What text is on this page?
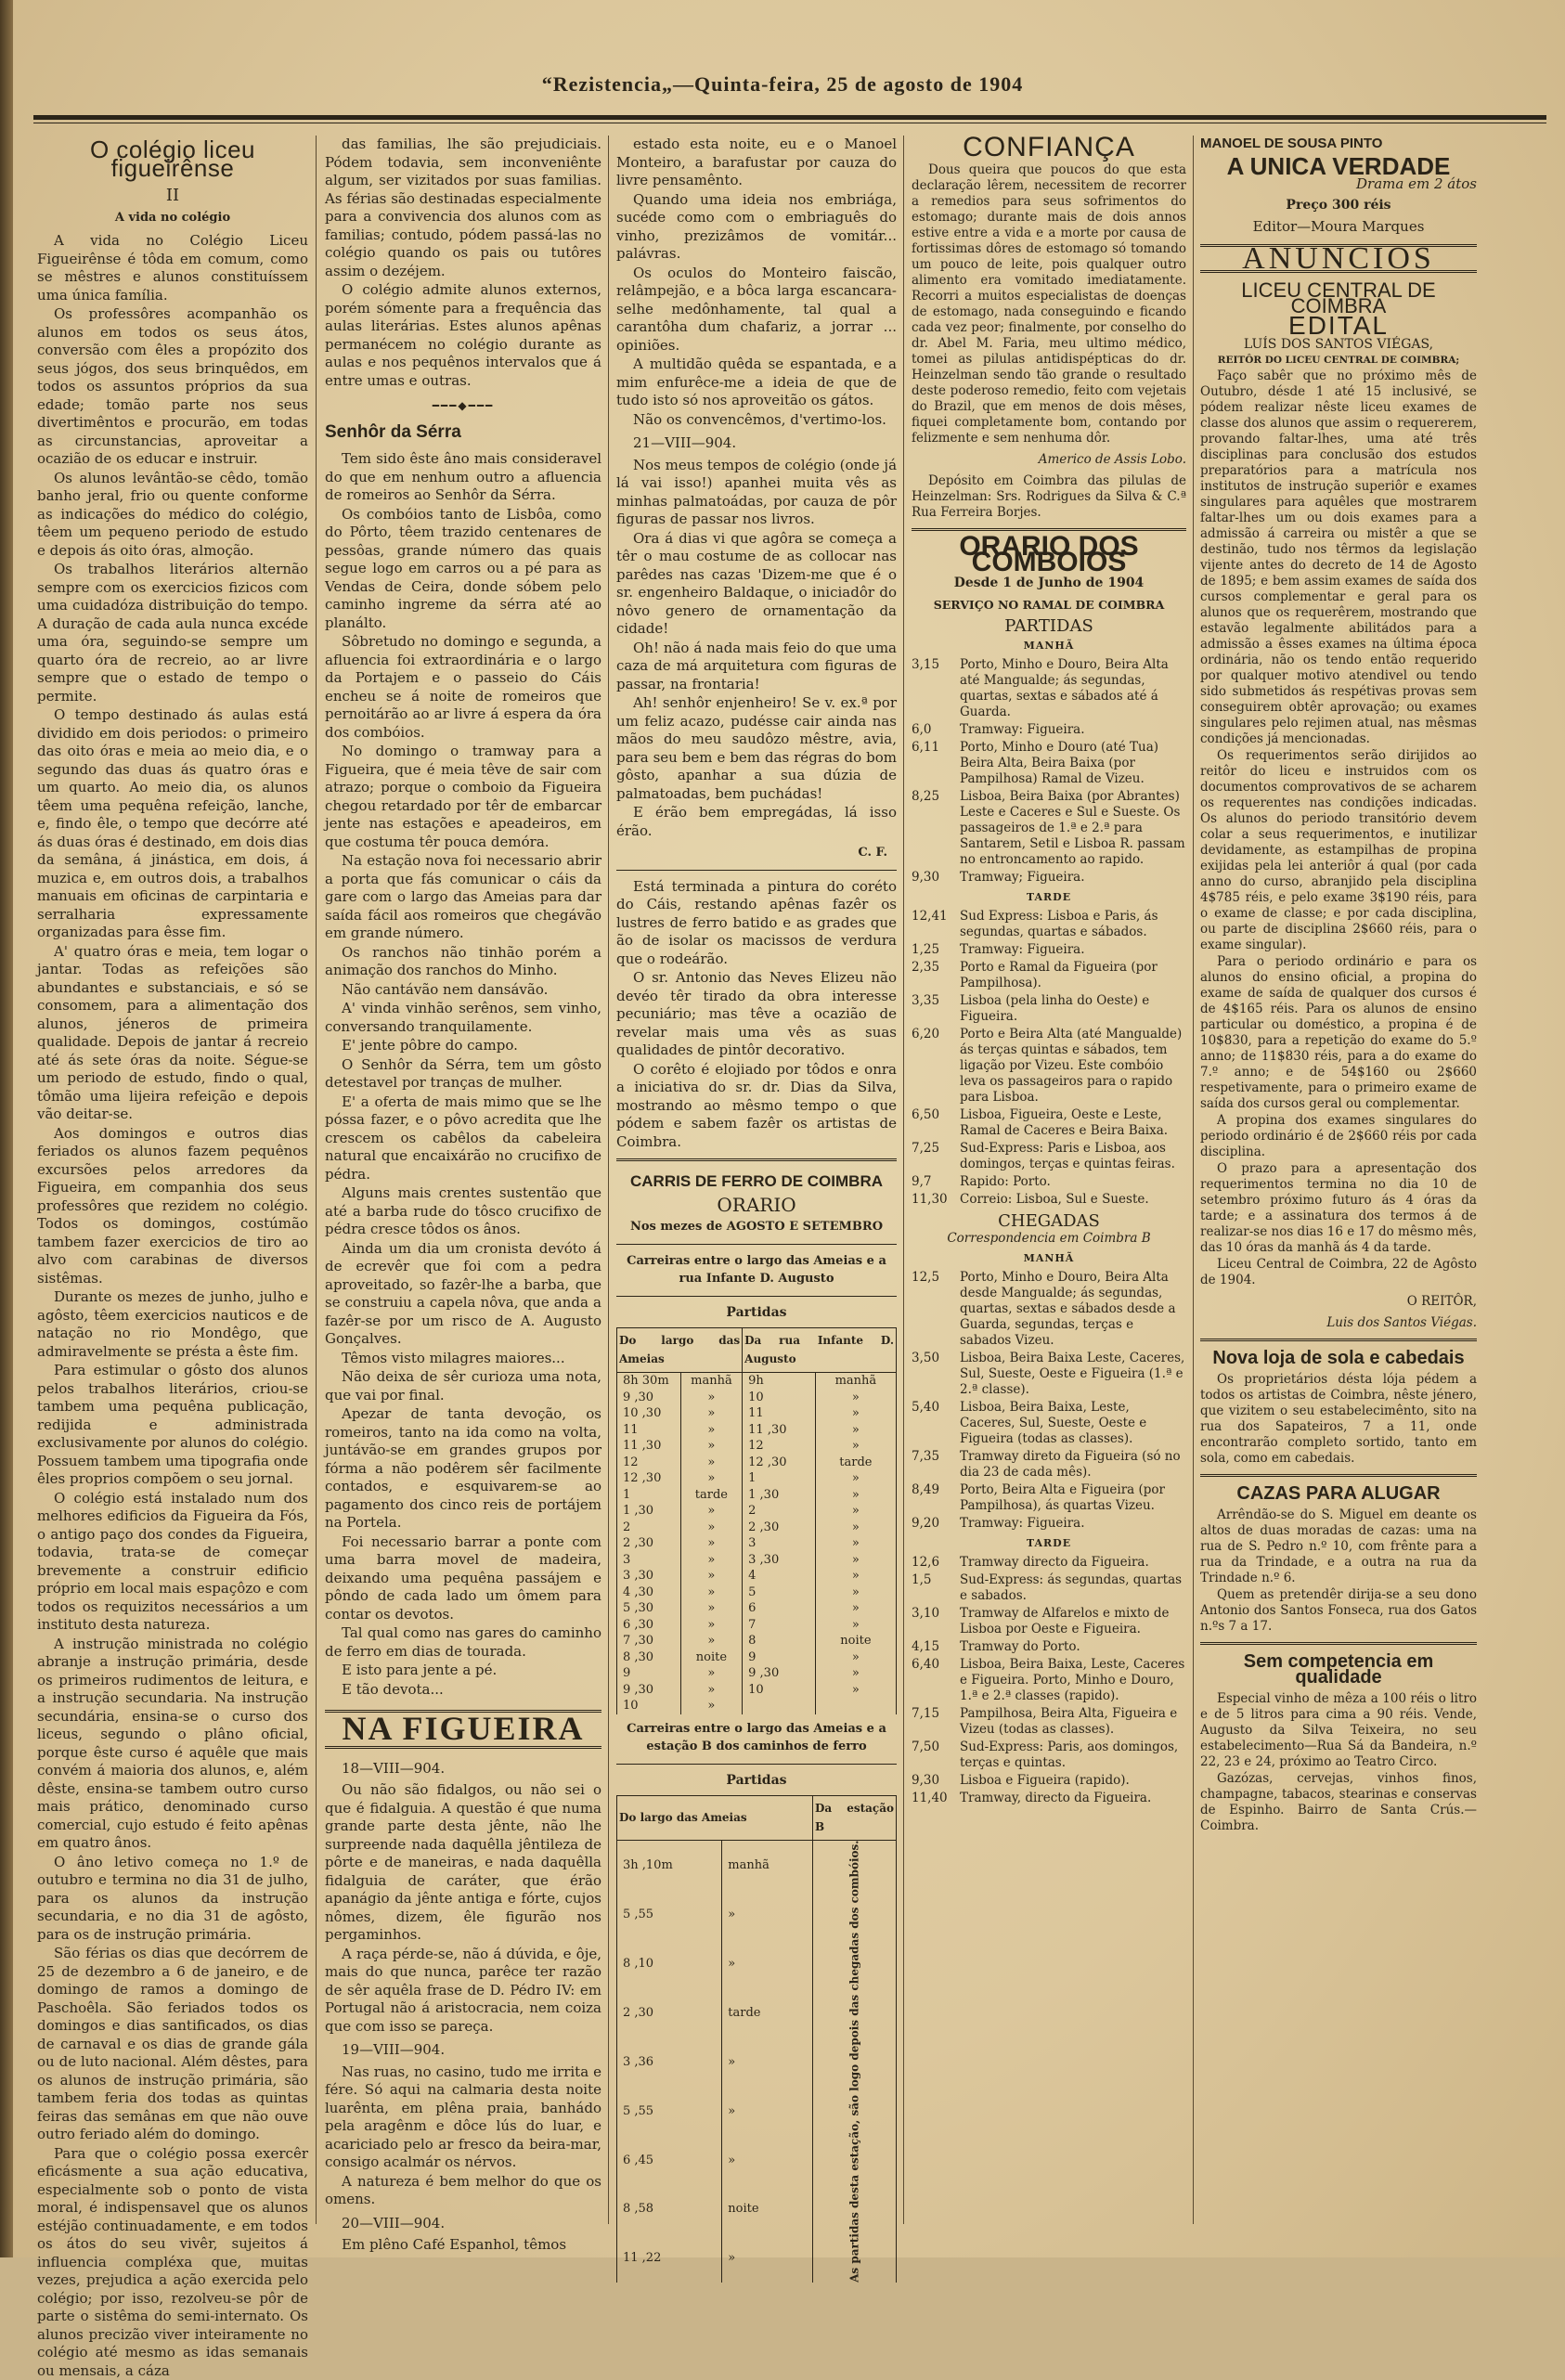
“Rezistencia„—Quinta-feira, 25 de agosto de 1904
O colégio liceu figueirênse
II
A vida no colégio

A vida no Colégio Liceu Figueirênse é tôda em comum, como se mêstres e alunos constituíssem uma única família.

Os professôres acompanhão os alunos em todos os seus átos, conversão com êles a propózito dos seus jógos, dos seus brinquêdos, em todos os assuntos próprios da sua edade; tomão parte nos seus divertimêntos e procurão, em todas as circunstancias, aproveitar a ocazião de os educar e instruir.

Os alunos levântão-se cêdo, tomão banho jeral, frio ou quente conforme as indicações do médico do colégio, têem um pequeno periodo de estudo e depois ás oito óras, almoção.

Os trabalhos literários alternão sempre com os exercicios fizicos com uma cuidadóza distribuição do tempo. A duração de cada aula nunca excéde uma óra, seguindo-se sempre um quarto óra de recreio, ao ar livre sempre que o estado de tempo o permite.

O tempo destinado ás aulas está dividido em dois periodos: o primeiro das oito óras e meia ao meio dia, e o segundo das duas ás quatro óras e um quarto. Ao meio dia, os alunos têem uma pequêna refeição, lanche, e, findo êle, o tempo que decórre até ás duas óras é destinado, em dois dias da semâna, á jinástica, em dois, á muzica e, em outros dois, a trabalhos manuais em oficinas de carpintaria e serralharia expressamente organizadas para êsse fim.

A' quatro óras e meia, tem logar o jantar. Todas as refeições são abundantes e substanciais, e só se consomem, para a alimentação dos alunos, jéneros de primeira qualidade. Depois de jantar á recreio até ás sete óras da noite. Ségue-se um periodo de estudo, findo o qual, tômão uma lijeira refeição e depois vão deitar-se.

Aos domingos e outros dias feriados os alunos fazem pequênos excursões pelos arredores da Figueira, em companhia dos seus professôres que rezidem no colégio. Todos os domingos, costúmão tambem fazer exercicios de tiro ao alvo com carabinas de diversos sistêmas.

Durante os mezes de junho, julho e agôsto, têem exercicios nauticos e de natação no rio Mondêgo, que admiravelmente se présta a êste fim.

Para estimular o gôsto dos alunos pelos trabalhos literários, criou-se tambem uma pequêna publicação, redijida e administrada exclusivamente por alunos do colégio. Possuem tambem uma tipografia onde êles proprios compõem o seu jornal.

O colégio está instalado num dos melhores edificios da Figueira da Fós, o antigo paço dos condes da Figueira, todavia, trata-se de começar brevemente a construir edificio próprio em local mais espaçôzo e com todos os requizitos necessários a um instituto desta natureza.

A instrução ministrada no colégio abranje a instrução primária, desde os primeiros rudimentos de leitura, e a instrução secundaria. Na instrução secundária, ensina-se o curso dos liceus, segundo o plâno oficial, porque êste curso é aquêle que mais convém á maioria dos alunos, e, além dêste, ensina-se tambem outro curso mais prático, denominado curso comercial, cujo estudo é feito apênas em quatro ânos.

O âno letivo começa no 1.º de outubro e termina no dia 31 de julho, para os alunos da instrução secundaria, e no dia 31 de agôsto, para os de instrução primária.

São férias os dias que decórrem de 25 de dezembro a 6 de janeiro, e de domingo de ramos a domingo de Paschoêla. São feriados todos os domingos e dias santificados, os dias de carnaval e os dias de grande gála ou de luto nacional. Além dêstes, para os alunos de instrução primária, são tambem feria dos todas as quintas feiras das semânas em que não ouve outro feriado além do domingo.

Para que o colégio possa exercêr eficásmente a sua ação educativa, especialmente sob o ponto de vista moral, é indispensavel que os alunos estéjão continuadamente, e em todos os átos do seu vivêr, sujeitos á influencia compléxa que, muitas vezes, prejudica a ação exercida pelo colégio; por isso, rezolveu-se pôr de parte o sistêma do semi-internato. Os alunos precizão viver inteiramente no colégio até mesmo as idas semanais ou mensais, a cáza

das familias, lhe são prejudiciais. Pódem todavia, sem inconveniênte algum, ser vizitados por suas familias. As férias são destinadas especialmente para a convivencia dos alunos com as familias; contudo, pódem passá-las no colégio quando os pais ou tutôres assim o dezéjem.

O colégio admite alunos externos, porém sómente para a frequência das aulas literárias. Estes alunos apênas permanécem no colégio durante as aulas e nos pequênos intervalos que á entre umas e outras.

━━━◆━━━
Senhôr da Sérra

Tem sido êste âno mais consideravel do que em nenhum outro a afluencia de romeiros ao Senhôr da Sérra.

Os combóios tanto de Lisbôa, como do Pôrto, têem trazido centenares de pessôas, grande número das quais segue logo em carros ou a pé para as Vendas de Ceira, donde sóbem pelo caminho ingreme da sérra até ao planálto.

Sôbretudo no domingo e segunda, a afluencia foi extraordinária e o largo da Portajem e o passeio do Cáis encheu se á noite de romeiros que pernoitárão ao ar livre á espera da óra dos combóios.

No domingo o tramway para a Figueira, que é meia têve de sair com atrazo; porque o comboio da Figueira chegou retardado por têr de embarcar jente nas estações e apeadeiros, em que costuma têr pouca demóra.

Na estação nova foi necessario abrir a porta que fás comunicar o cáis da gare com o largo das Ameias para dar saída fácil aos romeiros que chegávão em grande número.

Os ranchos não tinhão porém a animação dos ranchos do Minho.

Não cantávão nem dansávão.

A' vinda vinhão serênos, sem vinho, conversando tranquilamente.

E' jente pôbre do campo.

O Senhôr da Sérra, tem um gôsto detestavel por tranças de mulher.

E' a oferta de mais mimo que se lhe póssa fazer, e o pôvo acredita que lhe crescem os cabêlos da cabeleira natural que encaixárão no crucifixo de pédra.

Alguns mais crentes sustentão que até a barba rude do tôsco crucifixo de pédra cresce tôdos os ânos.

Ainda um dia um cronista devóto á de ecrevêr que foi com a pedra aproveitado, so fazêr-lhe a barba, que se construiu a capela nôva, que anda a fazêr-se por um risco de A. Augusto Gonçalves.

Têmos visto milagres maiores...

Não deixa de sêr curioza uma nota, que vai por final.

Apezar de tanta devoção, os romeiros, tanto na ida como na volta, juntávão-se em grandes grupos por fórma a não podêrem sêr facilmente contados, e esquivarem-se ao pagamento dos cinco reis de portájem na Portela.

Foi necessario barrar a ponte com uma barra movel de madeira, deixando uma pequêna passájem e pôndo de cada lado um ômem para contar os devotos.

Tal qual como nas gares do caminho de ferro em dias de tourada.

E isto para jente a pé.

E tão devota...

NA FIGUEIRA
18—VIII—904.

Ou não são fidalgos, ou não sei o que é fidalguia. A questão é que numa grande parte desta jênte, não lhe surpreende nada daquêlla jêntileza de pôrte e de maneiras, e nada daquêlla fidalguia de caráter, que érão apanágio da jênte antiga e fórte, cujos nômes, dizem, êle figurão nos pergaminhos.

A raça pérde-se, não á dúvida, e ôje, mais do que nunca, parêce ter razão de sêr aquêla frase de D. Pédro IV: em Portugal não á aristocracia, nem coiza que com isso se pareça.

19—VIII—904.

Nas ruas, no casino, tudo me irrita e fére. Só aqui na calmaria desta noite luarênta, em plêna praia, banhádo pela aragênm e dôce lús do luar, e acariciado pelo ar fresco da beira-mar, consigo acalmár os nérvos.

A natureza é bem melhor do que os omens.

20—VIII—904.

Em plêno Café Espanhol, têmos

estado esta noite, eu e o Manoel Monteiro, a barafustar por cauza do livre pensamênto.

Quando uma ideia nos embriága, sucéde como com o embriaguês do vinho, prezizâmos de vomitár... palávras.

Os oculos do Monteiro faiscão, relâmpejão, e a bôca larga escancara-selhe medônhamente, tal qual a carantôha dum chafariz, a jorrar ... opiniões.

A multidão quêda se espantada, e a mim enfurêce-me a ideia de que de tudo isto só nos aproveitão os gátos.

Não os convencêmos, d'vertimo-los.

21—VIII—904.

Nos meus tempos de colégio (onde já lá vai isso!) apanhei muita vês as minhas palmatoádas, por cauza de pôr figuras de passar nos livros.

Ora á dias vi que agôra se começa a têr o mau costume de as collocar nas parêdes nas cazas 'Dizem-me que é o sr. engenheiro Baldaque, o iniciadôr do nôvo genero de ornamentação da cidade!

Oh! não á nada mais feio do que uma caza de má arquitetura com figuras de passar, na frontaria!

Ah! senhôr enjenheiro! Se v. ex.ª por um feliz acazo, pudésse cair ainda nas mãos do meu saudôzo mêstre, avia, para seu bem e bem das régras do bom gôsto, apanhar a sua dúzia de palmatoadas, bem puchádas!

E érão bem empregádas, lá isso érão.

C. F.

Está terminada a pintura do coréto do Cáis, restando apênas fazêr os lustres de ferro batido e as grades que ão de isolar os macissos de verdura que o rodeárão.

O sr. Antonio das Neves Elizeu não devéo têr tirado da obra interesse pecuniário; mas têve a ocazião de revelar mais uma vês as suas qualidades de pintôr decorativo.

O corêto é elojiado por tôdos e onra a iniciativa do sr. dr. Dias da Silva, mostrando ao mêsmo tempo o que pódem e sabem fazêr os artistas de Coimbra.

CARRIS DE FERRO DE COIMBRA
ORARIO
Nos mezes de AGOSTO E SETEMBRO
Carreiras entre o largo das Ameias e a rua Infante D. Augusto
Partidas
Do largo das Ameias		Da rua Infante D. Augusto	
8h 30m	manhã	9h	manhã
9 ,30	»	10	»
10 ,30	»	11	»
11	»	11 ,30	»
11 ,30	»	12	»
12	»	12 ,30	tarde
12 ,30	»	1	»
1	tarde	1 ,30	»
1 ,30	»	2	»
2	»	2 ,30	»
2 ,30	»	3	»
3	»	3 ,30	»
3 ,30	»	4	»
4 ,30	»	5	»
5 ,30	»	6	»
6 ,30	»	7	»
7 ,30	»	8	noite
8 ,30	noite	9	»
9	»	9 ,30	»
9 ,30	»	10	»
10	»		
Carreiras entre o largo das Ameias e a estação B dos caminhos de ferro
Partidas
Do largo das Ameias		Da estação B
3h ,10m	manhã	As partidas desta estação, são logo depois das chegadas dos combóios.
5 ,55	»	
8 ,10	»	
2 ,30	tarde	
3 ,36	»	
5 ,55	»	
6 ,45	»	
8 ,58	noite	
11 ,22	»	
CONFIANÇA

Dous queira que poucos do que esta declaração lêrem, necessitem de recorrer a remedios para seus sofrimentos do estomago; durante mais de dois annos estive entre a vida e a morte por causa de fortissimas dôres de estomago só tomando um pouco de leite, pois qualquer outro alimento era vomitado imediatamente. Recorri a muitos especialistas de doenças de estomago, nada conseguindo e ficando cada vez peor; finalmente, por conselho do dr. Abel M. Faria, meu ultimo médico, tomei as pilulas antidispépticas do dr. Heinzelman sendo tão grande o resultado deste poderoso remedio, feito com vejetais do Brazil, que em menos de dois mêses, fiquei completamente bom, contando por felizmente e sem nenhuma dôr.

Americo de Assis Lobo.

Depósito em Coimbra das pilulas de Heinzelman: Srs. Rodrigues da Silva & C.ª Rua Ferreira Borjes.

ORARIO DOS COMBOIOS
Desde 1 de Junho de 1904
SERVIÇO NO RAMAL DE COIMBRA
PARTIDAS
MANHÃ
3,15	Porto, Minho e Douro, Beira Alta até Mangualde; ás segundas, quartas, sextas e sábados até á Guarda.
6,0	Tramway: Figueira.
6,11	Porto, Minho e Douro (até Tua) Beira Alta, Beira Baixa (por Pampilhosa) Ramal de Vizeu.
8,25	Lisboa, Beira Baixa (por Abrantes) Leste e Caceres e Sul e Sueste. Os passageiros de 1.ª e 2.ª para Santarem, Setil e Lisboa R. passam no entroncamento ao rapido.
9,30	Tramway; Figueira.
TARDE
12,41 Sud Express: Lisboa e Paris, ás segundas, quartas e sábados.
1,25	Tramway: Figueira.
2,35	Porto e Ramal da Figueira (por Pampilhosa).
3,35	Lisboa (pela linha do Oeste) e Figueira.
6,20	Porto e Beira Alta (até Mangualde) ás terças quintas e sábados, tem ligação por Vizeu. Este combóio leva os passageiros para o rapido para Lisboa.
6,50	Lisboa, Figueira, Oeste e Leste, Ramal de Caceres e Beira Baixa.
7,25	Sud-Express: Paris e Lisboa, aos domingos, terças e quintas feiras.
9,7	Rapido: Porto.
11,30 Correio: Lisboa, Sul e Sueste.
CHEGADAS
Correspondencia em Coimbra B
MANHÃ
12,5	Porto, Minho e Douro, Beira Alta desde Mangualde; ás segundas, quartas, sextas e sábados desde a Guarda, segundas, terças e sabados Vizeu.
3,50	Lisboa, Beira Baixa Leste, Caceres, Sul, Sueste, Oeste e Figueira (1.ª e 2.ª classe).
5,40	Lisboa, Beira Baixa, Leste, Caceres, Sul, Sueste, Oeste e Figueira (todas as classes).
7,35	Tramway direto da Figueira (só no dia 23 de cada mês).
8,49	Porto, Beira Alta e Figueira (por Pampilhosa), ás quartas Vizeu.
9,20	Tramway: Figueira.
TARDE
12,6	Tramway directo da Figueira.
1,5	Sud-Express: ás segundas, quartas e sabados.
3,10	Tramway de Alfarelos e mixto de Lisboa por Oeste e Figueira.
4,15	Tramway do Porto.
6,40	Lisboa, Beira Baixa, Leste, Caceres e Figueira. Porto, Minho e Douro, 1.ª e 2.ª classes (rapido).
7,15	Pampilhosa, Beira Alta, Figueira e Vizeu (todas as classes).
7,50	Sud-Express: Paris, aos domingos, terças e quintas.
9,30	Lisboa e Figueira (rapido).
11,40 Tramway, directo da Figueira.
MANOEL DE SOUSA PINTO
A UNICA VERDADE
Drama em 2 átos
Preço 300 réis
Editor—Moura Marques
ANUNCIOS
LICEU CENTRAL DE COIMBRA
EDITAL
LUÍS DOS SANTOS VIÉGAS,
REITÔR DO LICEU CENTRAL DE COIMBRA;

Faço sabêr que no próximo mês de Outubro, désde 1 até 15 inclusivé, se pódem realizar nêste liceu exames de classe dos alunos que assim o requererem, provando faltar-lhes, uma até três disciplinas para conclusão dos estudos preparatórios para a matrícula nos institutos de instrução superiôr e exames singulares para aquêles que mostrarem faltar-lhes um ou dois exames para a admissão á carreira ou mistêr a que se destinão, tudo nos têrmos da legislação vijente antes do decreto de 14 de Agosto de 1895; e bem assim exames de saída dos cursos complementar e geral para os alunos que os requerêrem, mostrando que estavão legalmente abilitádos para a admissão a êsses exames na última época ordinária, não os tendo então requerido por qualquer motivo atendivel ou tendo sido submetidos ás respétivas provas sem conseguirem obtêr aprovação; ou exames singulares pelo rejimen atual, nas mêsmas condições já mencionadas.

Os requerimentos serão dirijidos ao reitôr do liceu e instruidos com os documentos comprovativos de se acharem os requerentes nas condições indicadas. Os alunos do periodo transitório devem colar a seus requerimentos, e inutilizar devidamente, as estampilhas de propina exijidas pela lei anteriôr á qual (por cada anno do curso, abranjido pela disciplina 4$785 réis, e pelo exame 3$190 réis, para o exame de classe; e por cada disciplina, ou parte de disciplina 2$660 réis, para o exame singular).

Para o periodo ordinário e para os alunos do ensino oficial, a propina do exame de saída de qualquer dos cursos é de 4$165 réis. Para os alunos de ensino particular ou doméstico, a propina é de 10$830, para a repetição do exame do 5.º anno; de 11$830 réis, para a do exame do 7.º anno; e de 54$160 ou 2$660 respetivamente, para o primeiro exame de saída dos cursos geral ou complementar.

A propina dos exames singulares do periodo ordinário é de 2$660 réis por cada disciplina.

O prazo para a apresentação dos requerimentos termina no dia 10 de setembro próximo futuro ás 4 óras da tarde; e a assinatura dos termos á de realizar-se nos dias 16 e 17 do mêsmo mês, das 10 óras da manhã ás 4 da tarde.

Liceu Central de Coimbra, 22 de Agôsto de 1904.

O REITÔR,
Luis dos Santos Viégas.
Nova loja de sola e cabedais

Os proprietários désta lója pédem a todos os artistas de Coimbra, nêste jénero, que vizitem o seu estabelecimênto, sito na rua dos Sapateiros, 7 a 11, onde encontrarão completo sortido, tanto em sola, como em cabedais.

CAZAS PARA ALUGAR

Arrêndão-se do S. Miguel em deante os altos de duas moradas de cazas: uma na rua de S. Pedro n.º 10, com frênte para a rua da Trindade, e a outra na rua da Trindade n.º 6.

Quem as pretendêr dirija-se a seu dono Antonio dos Santos Fonseca, rua dos Gatos n.ºs 7 a 17.

Sem competencia em qualidade

Especial vinho de mêza a 100 réis o litro e de 5 litros para cima a 90 réis. Vende, Augusto da Silva Teixeira, no seu estabelecimento—Rua Sá da Bandeira, n.º 22, 23 e 24, próximo ao Teatro Circo.

Gazózas, cervejas, vinhos finos, champagne, tabacos, stearinas e conservas de Espinho. Bairro de Santa Crús.—Coimbra.
